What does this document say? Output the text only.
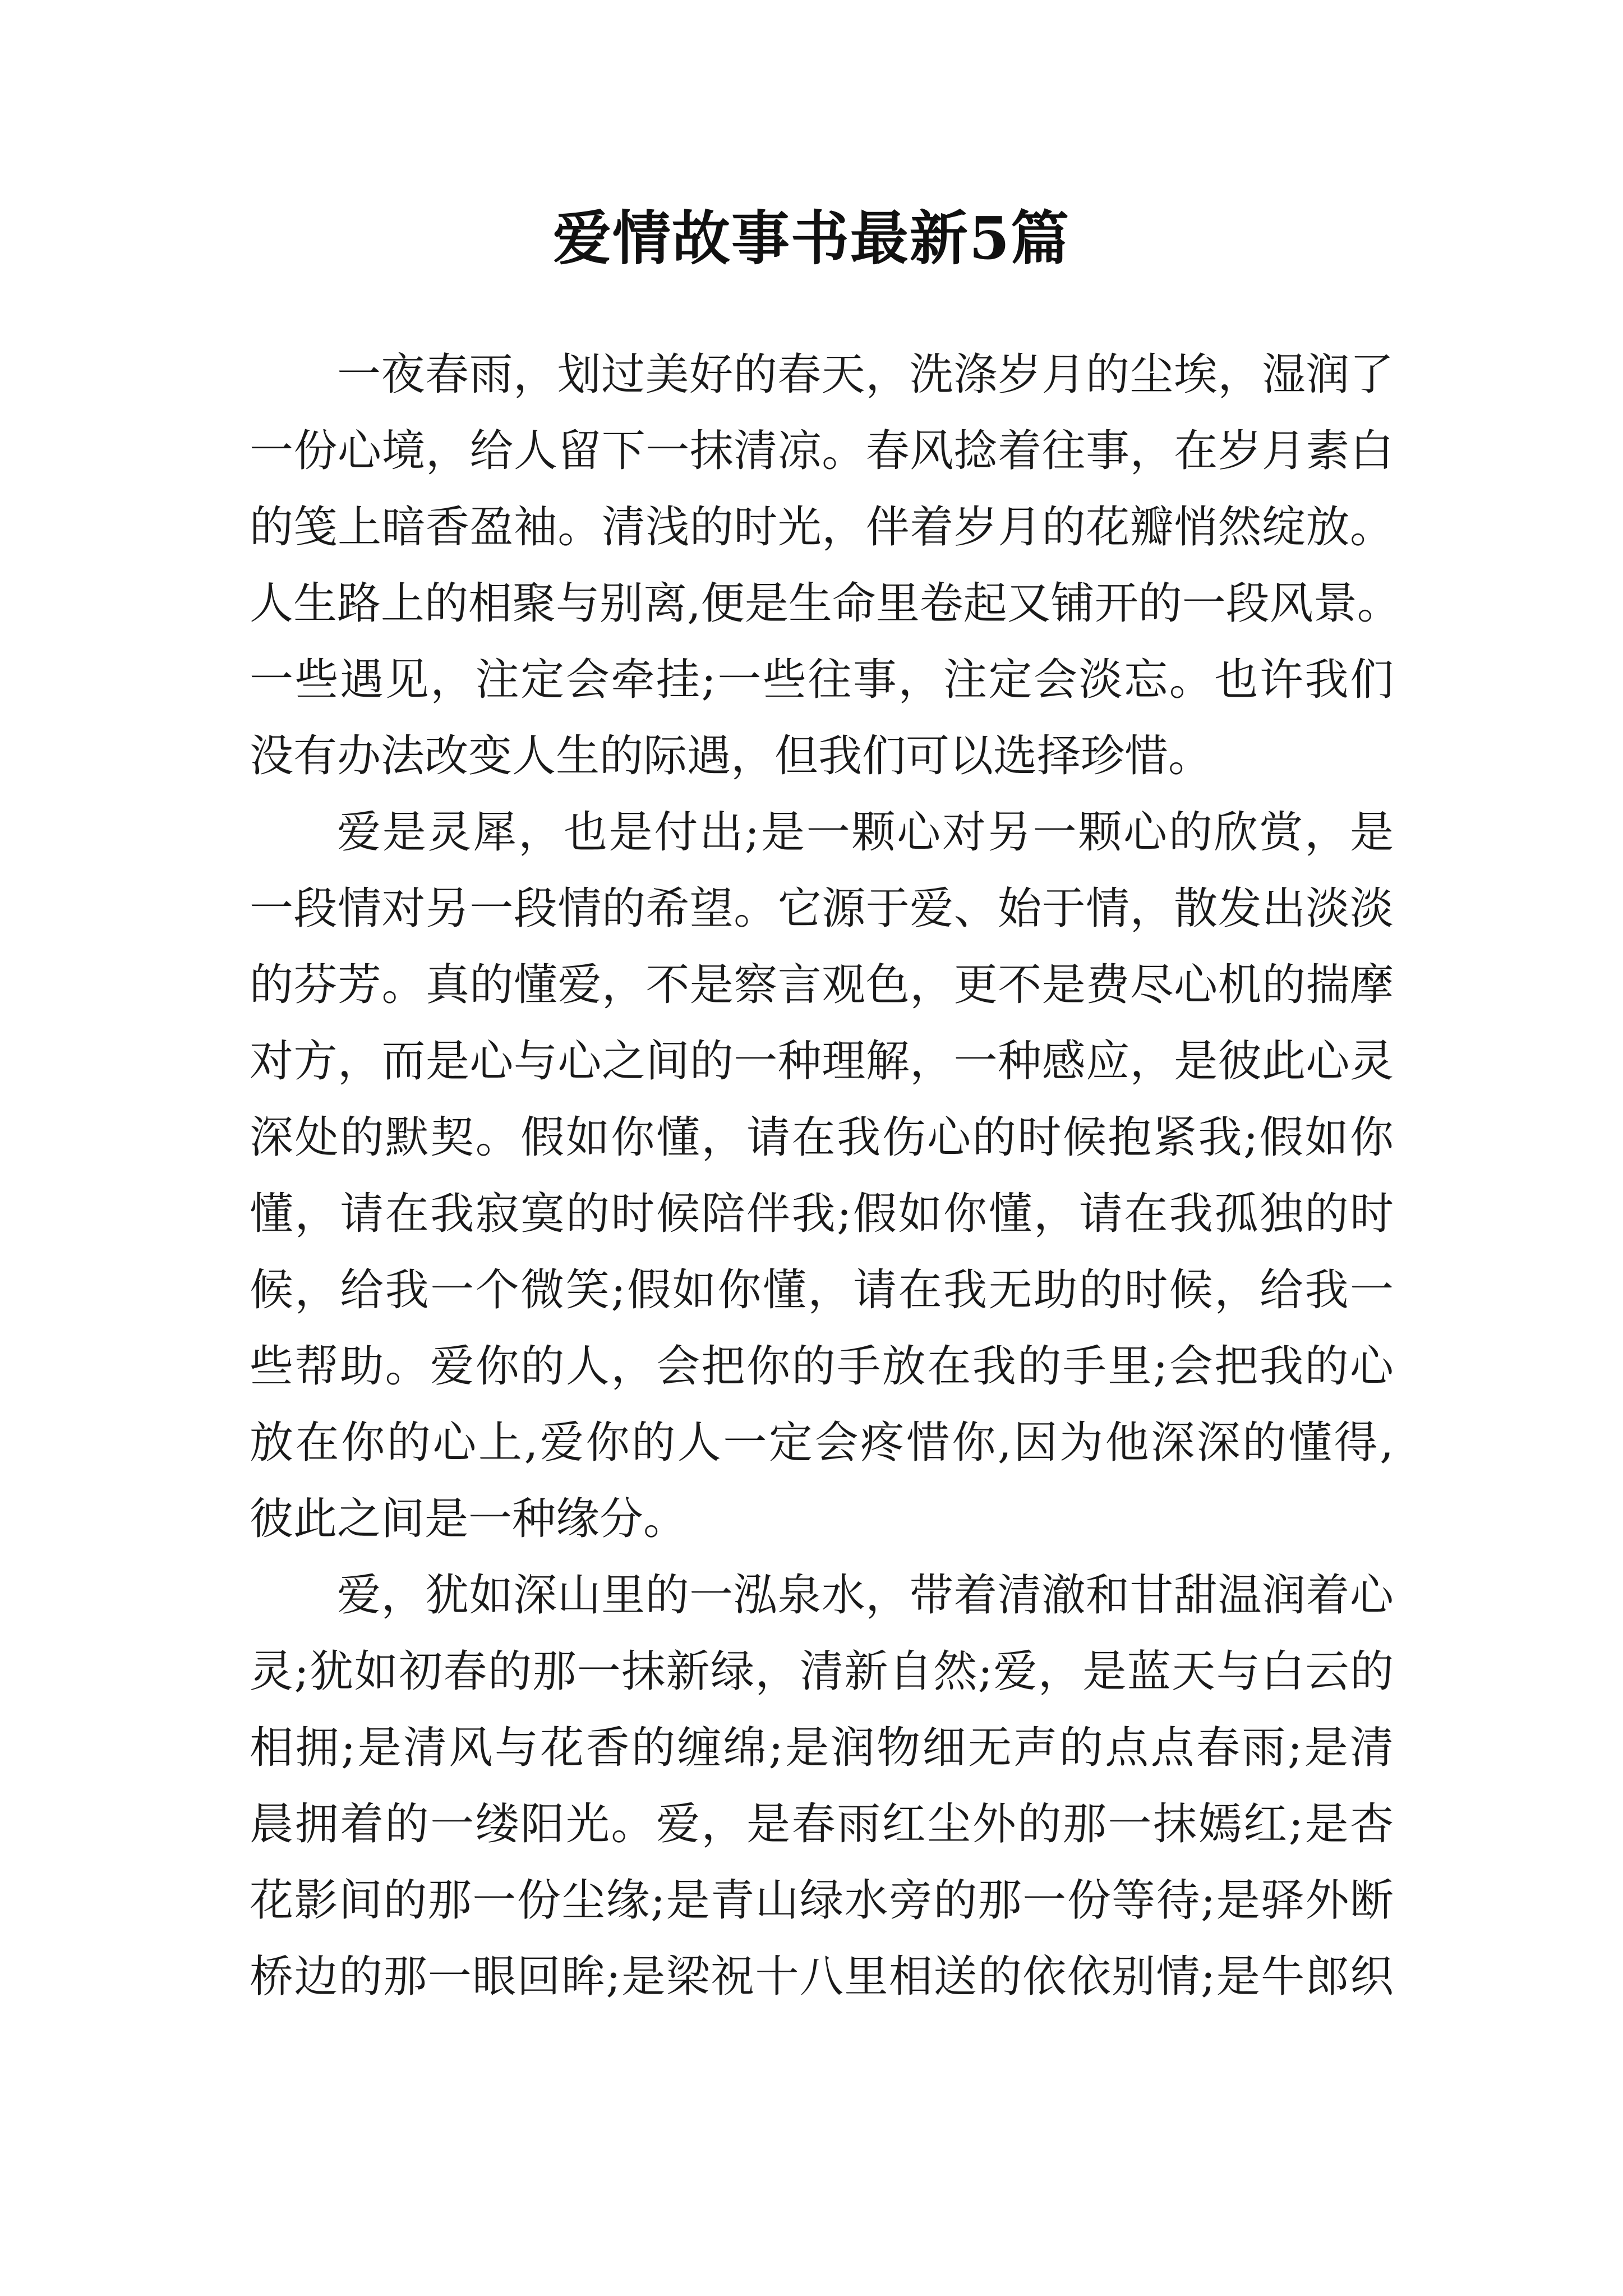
爱情故事书最新5篇
一夜春雨，划过美好的春天，洗涤岁月的尘埃，湿润了
一份心境，给人留下一抹清凉。春风捻着往事，在岁月素白
的笺上暗香盈袖。清浅的时光，伴着岁月的花瓣悄然绽放。
人生路上的相聚与别离,便是生命里卷起又铺开的一段风景。
一些遇见，注定会牵挂;一些往事，注定会淡忘。也许我们
没有办法改变人生的际遇，但我们可以选择珍惜。
爱是灵犀，也是付出;是一颗心对另一颗心的欣赏，是
一段情对另一段情的希望。它源于爱、始于情，散发出淡淡
的芬芳。真的懂爱，不是察言观色，更不是费尽心机的揣摩
对方，而是心与心之间的一种理解，一种感应，是彼此心灵
深处的默契。假如你懂，请在我伤心的时候抱紧我;假如你
懂，请在我寂寞的时候陪伴我;假如你懂，请在我孤独的时
候，给我一个微笑;假如你懂，请在我无助的时候，给我一
些帮助。爱你的人，会把你的手放在我的手里;会把我的心
放在你的心上,爱你的人一定会疼惜你,因为他深深的懂得,
彼此之间是一种缘分。
爱，犹如深山里的一泓泉水，带着清澈和甘甜温润着心
灵;犹如初春的那一抹新绿，清新自然;爱，是蓝天与白云的
相拥;是清风与花香的缠绵;是润物细无声的点点春雨;是清
晨拥着的一缕阳光。爱，是春雨红尘外的那一抹嫣红;是杏
花影间的那一份尘缘;是青山绿水旁的那一份等待;是驿外断
桥边的那一眼回眸;是梁祝十八里相送的依依别情;是牛郎织
